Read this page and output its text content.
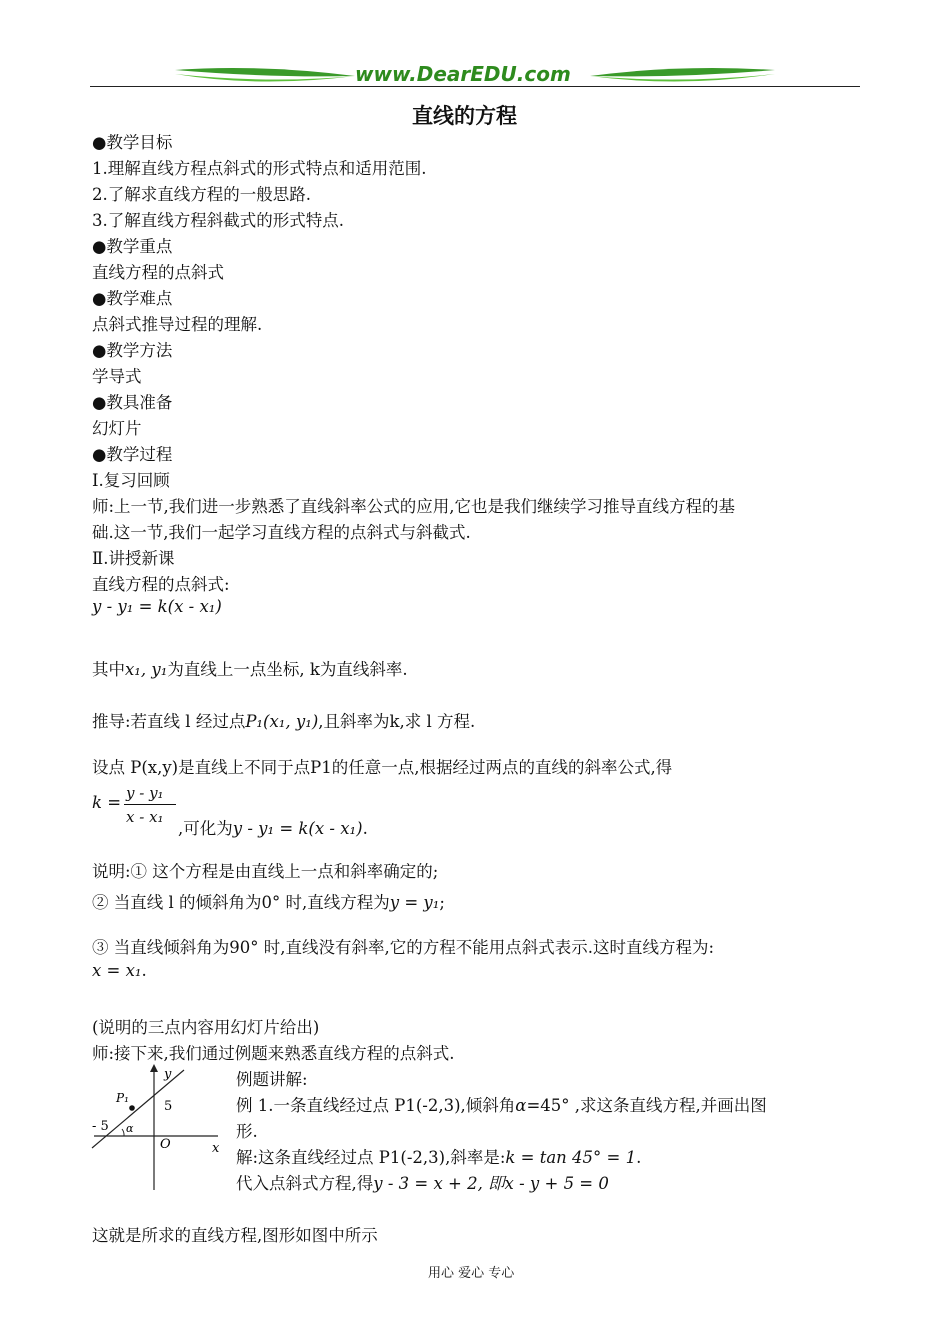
www.DearEDU.com
直线的方程
●教学目标
1.理解直线方程点斜式的形式特点和适用范围.
2.了解求直线方程的一般思路.
3.了解直线方程斜截式的形式特点.
●教学重点
直线方程的点斜式
●教学难点
点斜式推导过程的理解.
●教学方法
学导式
●教具准备
幻灯片
●教学过程
Ⅰ.复习回顾
师:上一节,我们进一步熟悉了直线斜率公式的应用,它也是我们继续学习推导直线方程的基
础.这一节,我们一起学习直线方程的点斜式与斜截式.
Ⅱ.讲授新课
直线方程的点斜式:
y - y₁ = k(x - x₁)
其中x₁, y₁为直线上一点坐标, k为直线斜率.
推导:若直线 l 经过点P₁(x₁, y₁),且斜率为k,求 l 方程.
设点 P(x,y)是直线上不同于点P1的任意一点,根据经过两点的直线的斜率公式,得
k = y - y₁
x - x₁
,可化为y - y₁ = k(x - x₁).
说明:① 这个方程是由直线上一点和斜率确定的;
② 当直线 l 的倾斜角为0° 时,直线方程为y = y₁;
③ 当直线倾斜角为90° 时,直线没有斜率,它的方程不能用点斜式表示.这时直线方程为:
x = x₁.
(说明的三点内容用幻灯片给出)
师:接下来,我们通过例题来熟悉直线方程的点斜式.
y
x
O
P₁
5
- 5 α
例题讲解:
例 1.一条直线经过点 P1(-2,3),倾斜角α=45° ,求这条直线方程,并画出图
形.
解:这条直线经过点 P1(-2,3),斜率是:k = tan 45° = 1.
代入点斜式方程,得y - 3 = x + 2, 即x - y + 5 = 0
这就是所求的直线方程,图形如图中所示
用心 爱心 专心
